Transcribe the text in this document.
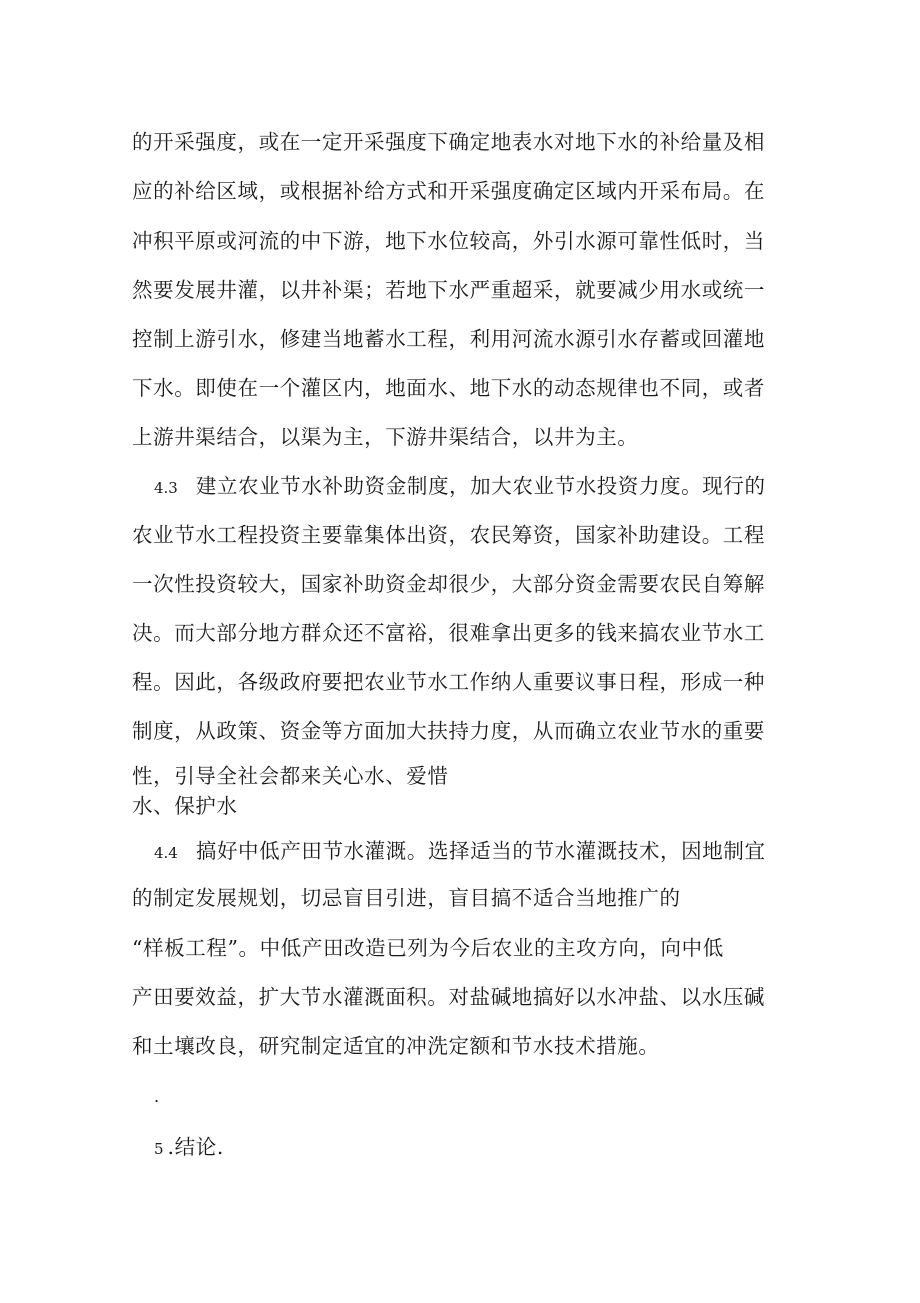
的开采强度，或在一定开采强度下确定地表水对地下水的补给量及相
应的补给区域，或根据补给方式和开采强度确定区域内开采布局。在
冲积平原或河流的中下游，地下水位较高，外引水源可靠性低时，当
然要发展井灌，以井补渠；若地下水严重超采，就要减少用水或统一
控制上游引水，修建当地蓄水工程，利用河流水源引水存蓄或回灌地
下水。即使在一个灌区内，地面水、地下水的动态规律也不同，或者
上游井渠结合，以渠为主，下游井渠结合，以井为主。
4.3 建立农业节水补助资金制度，加大农业节水投资力度。现行的
农业节水工程投资主要靠集体出资，农民筹资，国家补助建设。工程
一次性投资较大，国家补助资金却很少，大部分资金需要农民自筹解
决。而大部分地方群众还不富裕，很难拿出更多的钱来搞农业节水工
程。因此，各级政府要把农业节水工作纳人重要议事日程，形成一种
制度，从政策、资金等方面加大扶持力度，从而确立农业节水的重要
性，引导全社会都来关心水、爱惜
水、保护水
4.4 搞好中低产田节水灌溉。选择适当的节水灌溉技术，因地制宜
的制定发展规划，切忌盲目引进，盲目搞不适合当地推广的
“样板工程”。中低产田改造已列为今后农业的主攻方向，向中低
产田要效益，扩大节水灌溉面积。对盐碱地搞好以水冲盐、以水压碱
和土壤改良，研究制定适宜的冲洗定额和节水技术措施。
.
5 .结论.
